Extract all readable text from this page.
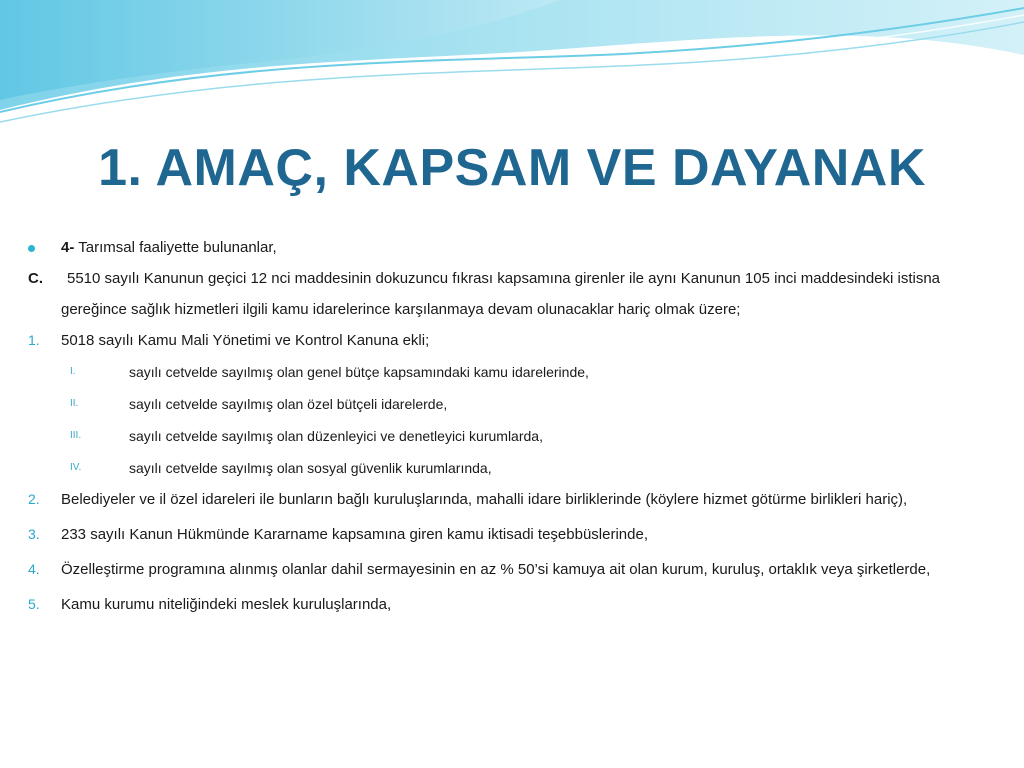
1. AMAÇ, KAPSAM VE DAYANAK
4- Tarımsal faaliyette bulunanlar,
C. 5510 sayılı Kanunun geçici 12 nci maddesinin dokuzuncu fıkrası kapsamına girenler ile aynı Kanunun 105 inci maddesindeki istisna gereğince sağlık hizmetleri ilgili kamu idarelerince karşılanmaya devam olunacaklar hariç olmak üzere;
1. 5018 sayılı Kamu Mali Yönetimi ve Kontrol Kanuna ekli;
I.	sayılı cetvelde sayılmış olan genel bütçe kapsamındaki kamu idarelerinde,
II.	sayılı cetvelde sayılmış olan özel bütçeli idarelerde,
III.	sayılı cetvelde sayılmış olan düzenleyici ve denetleyici kurumlarda,
IV.	sayılı cetvelde sayılmış olan sosyal güvenlik kurumlarında,
2. Belediyeler ve il özel idareleri ile bunların bağlı kuruluşlarında, mahalli idare birliklerinde (köylere hizmet götürme birlikleri hariç),
3. 233 sayılı Kanun Hükmünde Kararname kapsamına giren kamu iktisadi teşebbüslerinde,
4. Özelleştirme programına alınmış olanlar dahil sermayesinin en az % 50’si kamuya ait olan kurum, kuruluş, ortaklık veya şirketlerde,
5. Kamu kurumu niteliğindeki meslek kuruluşlarında,
